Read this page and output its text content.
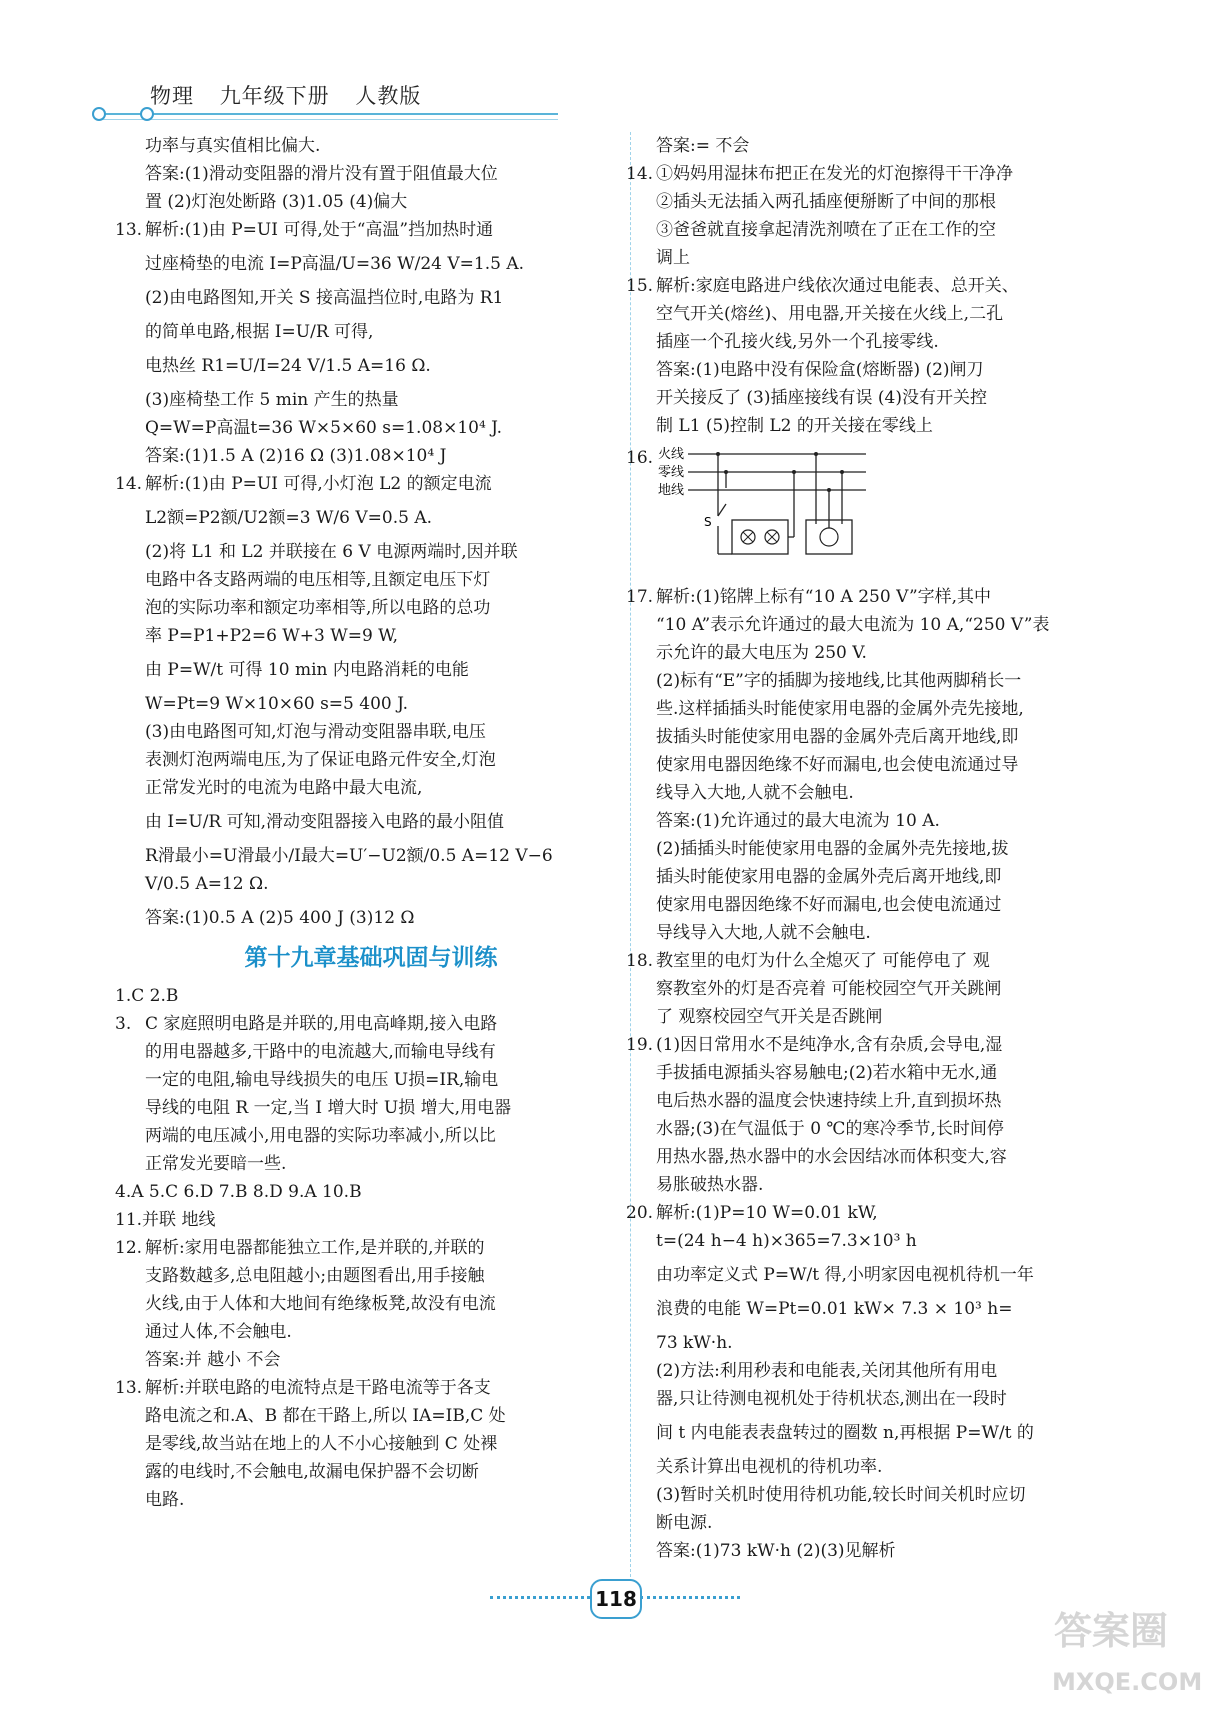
物理 九年级下册 人教版

功率与真实值相比偏大.

答案:(1)滑动变阻器的滑片没有置于阻值最大位

置 (2)灯泡处断路 (3)1.05 (4)偏大

13. 解析:(1)由 P=UI 可得,处于“高温”挡加热时通

过座椅垫的电流 I=P高温/U=36 W/24 V=1.5 A.

(2)由电路图知,开关 S 接高温挡位时,电路为 R1

的简单电路,根据 I=U/R 可得,

电热丝 R1=U/I=24 V/1.5 A=16 Ω.

(3)座椅垫工作 5 min 产生的热量

Q=W=P高温t=36 W×5×60 s=1.08×10⁴ J.

答案:(1)1.5 A (2)16 Ω (3)1.08×10⁴ J

14. 解析:(1)由 P=UI 可得,小灯泡 L2 的额定电流

L2额=P2额/U2额=3 W/6 V=0.5 A.

(2)将 L1 和 L2 并联接在 6 V 电源两端时,因并联

电路中各支路两端的电压相等,且额定电压下灯

泡的实际功率和额定功率相等,所以电路的总功

率 P=P1+P2=6 W+3 W=9 W,

由 P=W/t 可得 10 min 内电路消耗的电能

W=Pt=9 W×10×60 s=5 400 J.

(3)由电路图可知,灯泡与滑动变阻器串联,电压

表测灯泡两端电压,为了保证电路元件安全,灯泡

正常发光时的电流为电路中最大电流,

由 I=U/R 可知,滑动变阻器接入电路的最小阻值

R滑最小=U滑最小/I最大=U′−U2额/0.5 A=12 V−6 V/0.5 A=12 Ω.

答案:(1)0.5 A (2)5 400 J (3)12 Ω

第十九章基础巩固与训练

1.C 2.B

3. C 家庭照明电路是并联的,用电高峰期,接入电路

的用电器越多,干路中的电流越大,而输电导线有

一定的电阻,输电导线损失的电压 U损=IR,输电

导线的电阻 R 一定,当 I 增大时 U损 增大,用电器

两端的电压减小,用电器的实际功率减小,所以比

正常发光要暗一些.

4.A 5.C 6.D 7.B 8.D 9.A 10.B

11.并联 地线

12. 解析:家用电器都能独立工作,是并联的,并联的

支路数越多,总电阻越小;由题图看出,用手接触

火线,由于人体和大地间有绝缘板凳,故没有电流

通过人体,不会触电.

答案:并 越小 不会

13. 解析:并联电路的电流特点是干路电流等于各支

路电流之和.A、B 都在干路上,所以 IA=IB,C 处

是零线,故当站在地上的人不小心接触到 C 处裸

露的电线时,不会触电,故漏电保护器不会切断

电路.

答案:= 不会

14. ①妈妈用湿抹布把正在发光的灯泡擦得干干净净

②插头无法插入两孔插座便掰断了中间的那根

③爸爸就直接拿起清洗剂喷在了正在工作的空

调上

15. 解析:家庭电路进户线依次通过电能表、总开关、

空气开关(熔丝)、用电器,开关接在火线上,二孔

插座一个孔接火线,另外一个孔接零线.

答案:(1)电路中没有保险盒(熔断器) (2)闸刀

开关接反了 (3)插座接线有误 (4)没有开关控

制 L1 (5)控制 L2 的开关接在零线上

16. 火线
零线
地线
S
17. 解析:(1)铭牌上标有“10 A 250 V”字样,其中

“10 A”表示允许通过的最大电流为 10 A,“250 V”表

示允许的最大电压为 250 V.

(2)标有“E”字的插脚为接地线,比其他两脚稍长一

些.这样插插头时能使家用电器的金属外壳先接地,

拔插头时能使家用电器的金属外壳后离开地线,即

使家用电器因绝缘不好而漏电,也会使电流通过导

线导入大地,人就不会触电.

答案:(1)允许通过的最大电流为 10 A.

(2)插插头时能使家用电器的金属外壳先接地,拔

插头时能使家用电器的金属外壳后离开地线,即

使家用电器因绝缘不好而漏电,也会使电流通过

导线导入大地,人就不会触电.

18. 教室里的电灯为什么全熄灭了 可能停电了 观

察教室外的灯是否亮着 可能校园空气开关跳闸

了 观察校园空气开关是否跳闸

19. (1)因日常用水不是纯净水,含有杂质,会导电,湿

手拔插电源插头容易触电;(2)若水箱中无水,通

电后热水器的温度会快速持续上升,直到损坏热

水器;(3)在气温低于 0 ℃的寒冷季节,长时间停

用热水器,热水器中的水会因结冰而体积变大,容

易胀破热水器.

20. 解析:(1)P=10 W=0.01 kW,

t=(24 h−4 h)×365=7.3×10³ h

由功率定义式 P=W/t 得,小明家因电视机待机一年

浪费的电能 W=Pt=0.01 kW× 7.3 × 10³ h=

73 kW·h.

(2)方法:利用秒表和电能表,关闭其他所有用电

器,只让待测电视机处于待机状态,测出在一段时

间 t 内电能表表盘转过的圈数 n,再根据 P=W/t 的

关系计算出电视机的待机功率.

(3)暂时关机时使用待机功能,较长时间关机时应切

断电源.

答案:(1)73 kW·h (2)(3)见解析

118
答案圈
MXQE.COM
